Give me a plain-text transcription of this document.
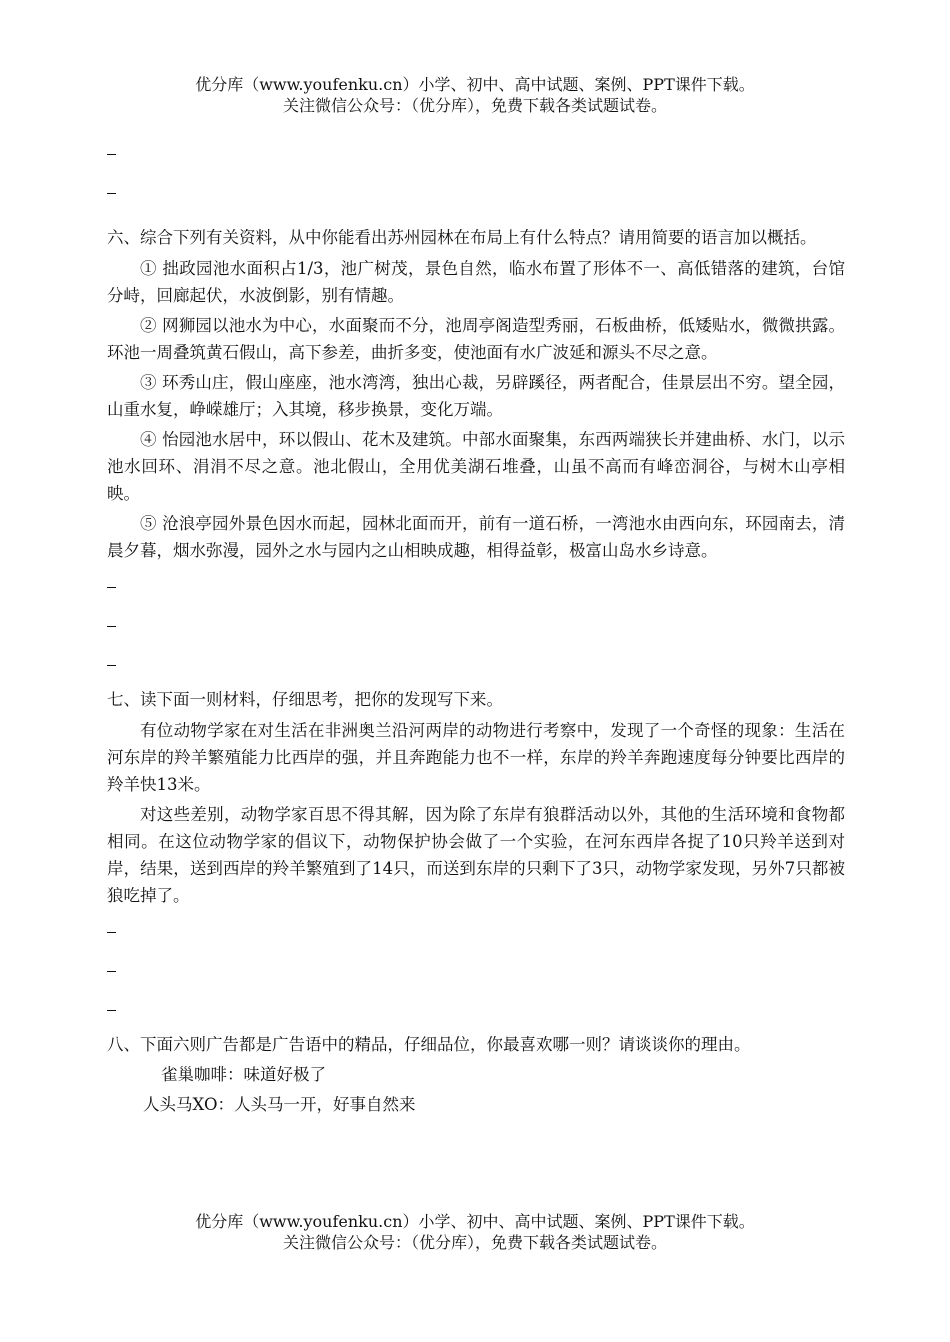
优分库（www.youfenku.cn）小学、初中、高中试题、案例、PPT课件下载。
关注微信公众号：（优分库），免费下载各类试题试卷。
六、综合下列有关资料，从中你能看出苏州园林在布局上有什么特点？请用简要的语言加以概括。
① 拙政园池水面积占1/3，池广树茂，景色自然，临水布置了形体不一、高低错落的建筑，台馆分峙，回廊起伏，水波倒影，别有情趣。
② 网狮园以池水为中心，水面聚而不分，池周亭阁造型秀丽，石板曲桥，低矮贴水，微微拱露。环池一周叠筑黄石假山，高下参差，曲折多变，使池面有水广波延和源头不尽之意。
③ 环秀山庄，假山座座，池水湾湾，独出心裁，另辟蹊径，两者配合，佳景层出不穷。望全园，山重水复，峥嵘雄厅；入其境，移步换景，变化万端。
④ 怡园池水居中，环以假山、花木及建筑。中部水面聚集，东西两端狭长并建曲桥、水门，以示池水回环、涓涓不尽之意。池北假山，全用优美湖石堆叠，山虽不高而有峰峦洞谷，与树木山亭相映。
⑤ 沧浪亭园外景色因水而起，园林北面而开，前有一道石桥，一湾池水由西向东，环园南去，清晨夕暮，烟水弥漫，园外之水与园内之山相映成趣，相得益彰，极富山岛水乡诗意。
七、读下面一则材料，仔细思考，把你的发现写下来。
有位动物学家在对生活在非洲奥兰沿河两岸的动物进行考察中，发现了一个奇怪的现象：生活在河东岸的羚羊繁殖能力比西岸的强，并且奔跑能力也不一样，东岸的羚羊奔跑速度每分钟要比西岸的羚羊快13米。
对这些差别，动物学家百思不得其解，因为除了东岸有狼群活动以外，其他的生活环境和食物都相同。在这位动物学家的倡议下，动物保护协会做了一个实验，在河东西岸各捉了10只羚羊送到对岸，结果，送到西岸的羚羊繁殖到了14只，而送到东岸的只剩下了3只，动物学家发现，另外7只都被狼吃掉了。
八、下面六则广告都是广告语中的精品，仔细品位，你最喜欢哪一则？请谈谈你的理由。
雀巢咖啡：味道好极了
人头马XO：人头马一开，好事自然来
优分库（www.youfenku.cn）小学、初中、高中试题、案例、PPT课件下载。
关注微信公众号：（优分库），免费下载各类试题试卷。
